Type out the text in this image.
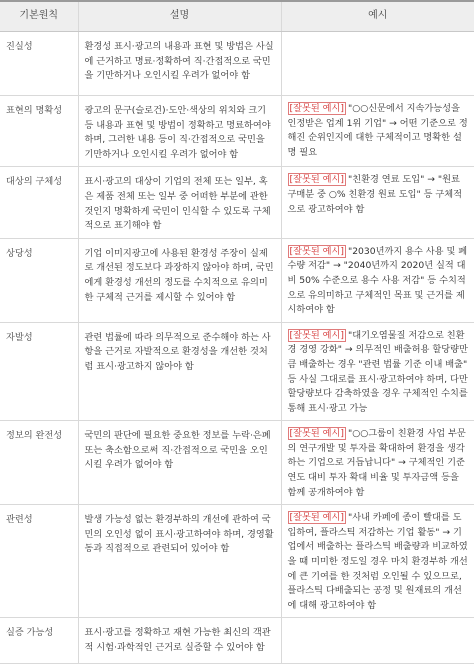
기본원칙	설명	예시
진실성	환경성 표시·광고의 내용과 표현 및 방법은 사실에 근거하고 명료·정확하여 직·간접적으로 국민을 기만하거나 오인시킬 우려가 없어야 함	
표현의 명확성	광고의 문구(슬로건)·도안·색상의 위치와 크기 등 내용과 표현 및 방법이 정확하고 명료하여야 하며, 그러한 내용 등이 직·간접적으로 국민을 기만하거나 오인시킬 우려가 없어야 함	[잘못된 예시] "○○신문에서 지속가능성을 인정받은 업계 1위 기업" → 어떤 기준으로 정해진 순위인지에 대한 구체적이고 명확한 설명 필요
대상의 구체성	표시·광고의 대상이 기업의 전체 또는 일부, 혹은 제품 전체 또는 일부 중 어떠한 부분에 관한 것인지 명확하게 국민이 인식할 수 있도록 구체적으로 표기해야 함	[잘못된 예시] "친환경 연료 도입" → "원료 구매분 중 ○% 친환경 원료 도입" 등 구체적으로 광고하여야 함
상당성	기업 이미지광고에 사용된 환경성 주장이 실제로 개선된 정도보다 과장하지 않아야 하며, 국민에게 환경성 개선의 정도를 수치적으로 유의미한 구체적 근거를 제시할 수 있어야 함	[잘못된 예시] "2030년까지 용수 사용 및 폐수량 저감" → "2040년까지 2020년 실적 대비 50% 수준으로 용수 사용 저감" 등 수치적으로 유의미하고 구체적인 목표 및 근거를 제시하여야 함
자발성	관련 법률에 따라 의무적으로 준수해야 하는 사항을 근거로 자발적으로 환경성을 개선한 것처럼 표시·광고하지 않아야 함	[잘못된 예시] "대기오염물질 저감으로 친환경 경영 강화" → 의무적인 배출허용 할당량만큼 배출하는 경우 "관련 법률 기준 이내 배출" 등 사실 그대로를 표시·광고하여야 하며, 다만 할당량보다 감축하였을 경우 구체적인 수치를 통해 표시·광고 가능
정보의 완전성	국민의 판단에 필요한 중요한 정보를 누락·은폐 또는 축소함으로써 직·간접적으로 국민을 오인시킬 우려가 없어야 함	[잘못된 예시] "○○그룹이 친환경 사업 부문의 연구개발 및 투자를 확대하여 환경을 생각하는 기업으로 거듭납니다" → 구체적인 기준연도 대비 투자 확대 비율 및 투자금액 등을 함께 공개하여야 함
관련성	발생 가능성 없는 환경부하의 개선에 관하여 국민의 오인성 없이 표시·광고하여야 하며, 경영활동과 직접적으로 관련되어 있어야 함	[잘못된 예시] "사내 카페에 종이 빨대를 도입하여, 플라스틱 저감하는 기업 활동" → 기업에서 배출하는 플라스틱 배출량과 비교하였을 때 미미한 정도일 경우 마치 환경부하 개선에 큰 기여를 한 것처럼 오인될 수 있으므로, 플라스틱 다배출되는 공정 및 원재료의 개선에 대해 광고하여야 함
실증 가능성	표시·광고를 정확하고 재현 가능한 최신의 객관적 시험·과학적인 근거로 실증할 수 있어야 함	
